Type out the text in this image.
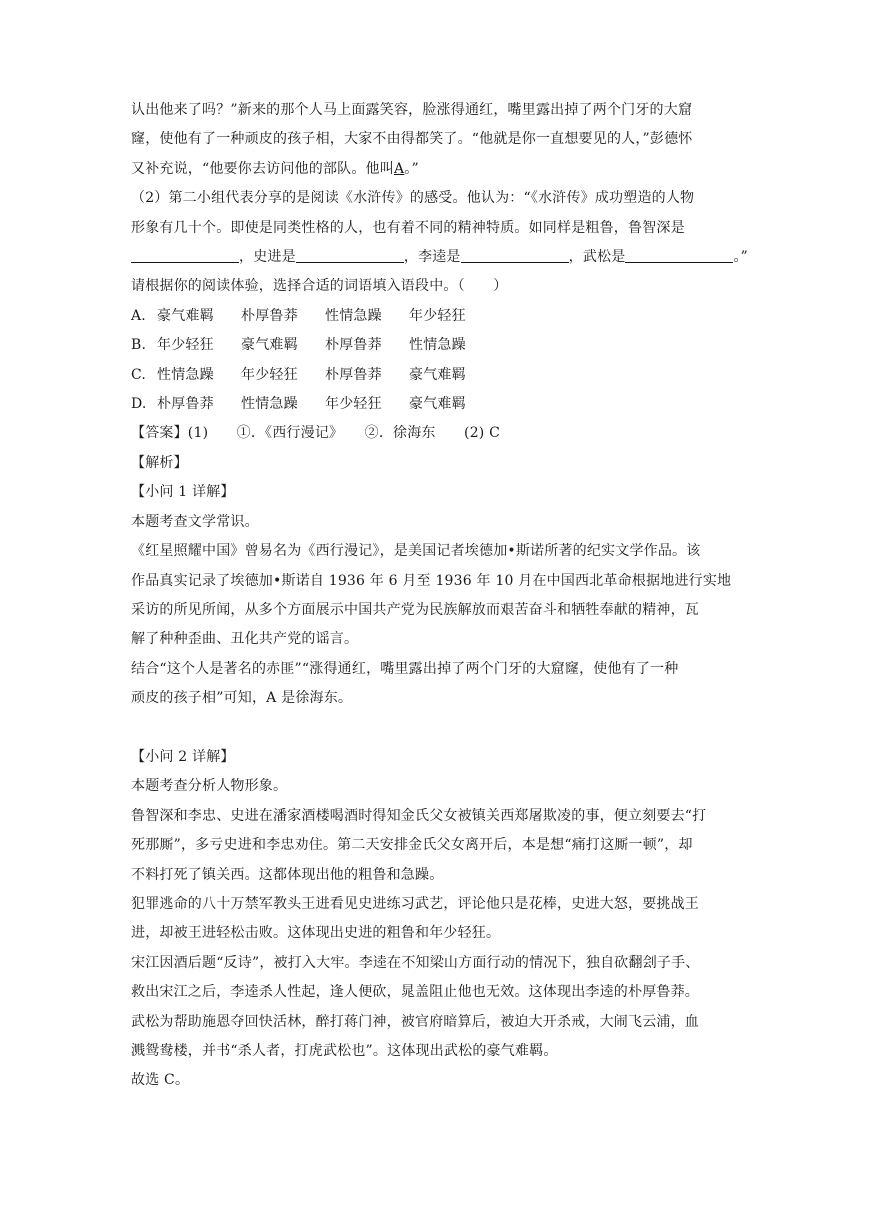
认出他来了吗？”新来的那个人马上面露笑容，脸涨得通红，嘴里露出掉了两个门牙的大窟
窿，使他有了一种顽皮的孩子相，大家不由得都笑了。“他就是你一直想要见的人，”彭德怀
又补充说，“他要你去访问他的部队。他叫A。”
（2）第二小组代表分享的是阅读《水浒传》的感受。他认为：“《水浒传》成功塑造的人物
形象有几十个。即使是同类性格的人，也有着不同的精神特质。如同样是粗鲁，鲁智深是
，史进是	，李逵是	，武松是	。”
请根据你的阅读体验，选择合适的词语填入语段中。（　　）
A. 豪气难羁	朴厚鲁莽	性情急躁	年少轻狂
B. 年少轻狂	豪气难羁	朴厚鲁莽	性情急躁
C. 性情急躁	年少轻狂	朴厚鲁莽	豪气难羁
D. 朴厚鲁莽	性情急躁	年少轻狂	豪气难羁
【答案】(1)　　①．《西行漫记》　　②．徐海东　　(2) C
【解析】
【小问 1 详解】
本题考查文学常识。
《红星照耀中国》曾易名为《西行漫记》，是美国记者埃德加•斯诺所著的纪实文学作品。该
作品真实记录了埃德加•斯诺自 1936 年 6 月至 1936 年 10 月在中国西北革命根据地进行实地
采访的所见所闻，从多个方面展示中国共产党为民族解放而艰苦奋斗和牺牲奉献的精神，瓦
解了种种歪曲、丑化共产党的谣言。
结合“这个人是著名的赤匪”“涨得通红，嘴里露出掉了两个门牙的大窟窿，使他有了一种
顽皮的孩子相”可知，A 是徐海东。
【小问 2 详解】
本题考查分析人物形象。
鲁智深和李忠、史进在潘家酒楼喝酒时得知金氏父女被镇关西郑屠欺凌的事，便立刻要去“打
死那厮”，多亏史进和李忠劝住。第二天安排金氏父女离开后，本是想“痛打这厮一顿”，却
不料打死了镇关西。这都体现出他的粗鲁和急躁。
犯罪逃命的八十万禁军教头王进看见史进练习武艺，评论他只是花棒，史进大怒，要挑战王
进，却被王进轻松击败。这体现出史进的粗鲁和年少轻狂。
宋江因酒后题“反诗”，被打入大牢。李逵在不知梁山方面行动的情况下，独自砍翻刽子手、
救出宋江之后，李逵杀人性起，逢人便砍，晁盖阻止他也无效。这体现出李逵的朴厚鲁莽。
武松为帮助施恩夺回快活林，醉打蒋门神，被官府暗算后，被迫大开杀戒，大闹飞云浦，血
溅鸳鸯楼，并书“杀人者，打虎武松也”。这体现出武松的豪气难羁。
故选 C。
